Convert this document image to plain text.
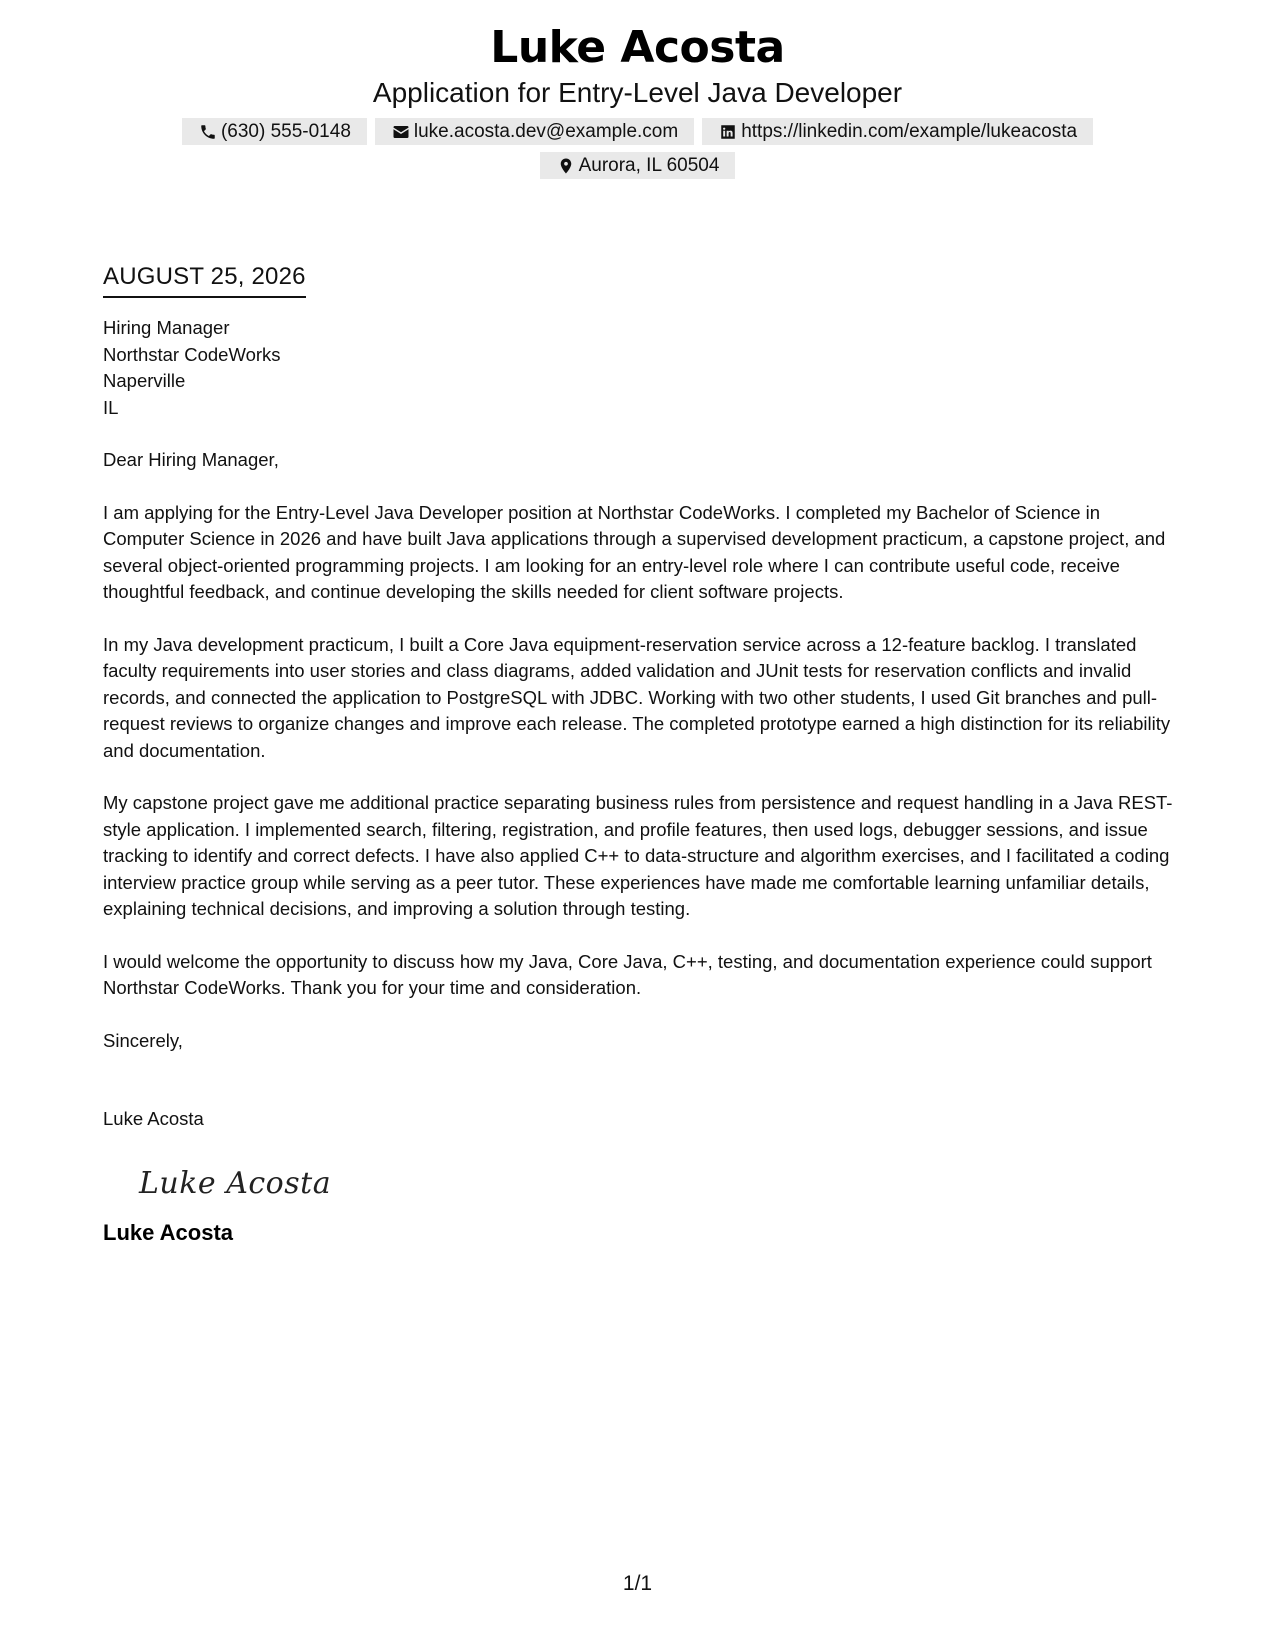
Luke Acosta
Application for Entry-Level Java Developer
(630) 555-0148	luke.acosta.dev@example.com	https://linkedin.com/example/lukeacosta
Aurora, IL 60504
AUGUST 25, 2026
Hiring Manager
Northstar CodeWorks
Naperville
IL
Dear Hiring Manager,

I am applying for the Entry-Level Java Developer position at Northstar CodeWorks. I completed my Bachelor of Science in Computer Science in 2026 and have built Java applications through a supervised development practicum, a capstone project, and several object-oriented programming projects. I am looking for an entry-level role where I can contribute useful code, receive thoughtful feedback, and continue developing the skills needed for client software projects.

In my Java development practicum, I built a Core Java equipment-reservation service across a 12-feature backlog. I translated faculty requirements into user stories and class diagrams, added validation and JUnit tests for reservation conflicts and invalid records, and connected the application to PostgreSQL with JDBC. Working with two other students, I used Git branches and pull-request reviews to organize changes and improve each release. The completed prototype earned a high distinction for its reliability and documentation.

My capstone project gave me additional practice separating business rules from persistence and request handling in a Java REST-style application. I implemented search, filtering, registration, and profile features, then used logs, debugger sessions, and issue tracking to identify and correct defects. I have also applied C++ to data-structure and algorithm exercises, and I facilitated a coding interview practice group while serving as a peer tutor. These experiences have made me comfortable learning unfamiliar details, explaining technical decisions, and improving a solution through testing.

I would welcome the opportunity to discuss how my Java, Core Java, C++, testing, and documentation experience could support Northstar CodeWorks. Thank you for your time and consideration.

Sincerely,
Luke Acosta
Luke Acosta
Luke Acosta
1/1
